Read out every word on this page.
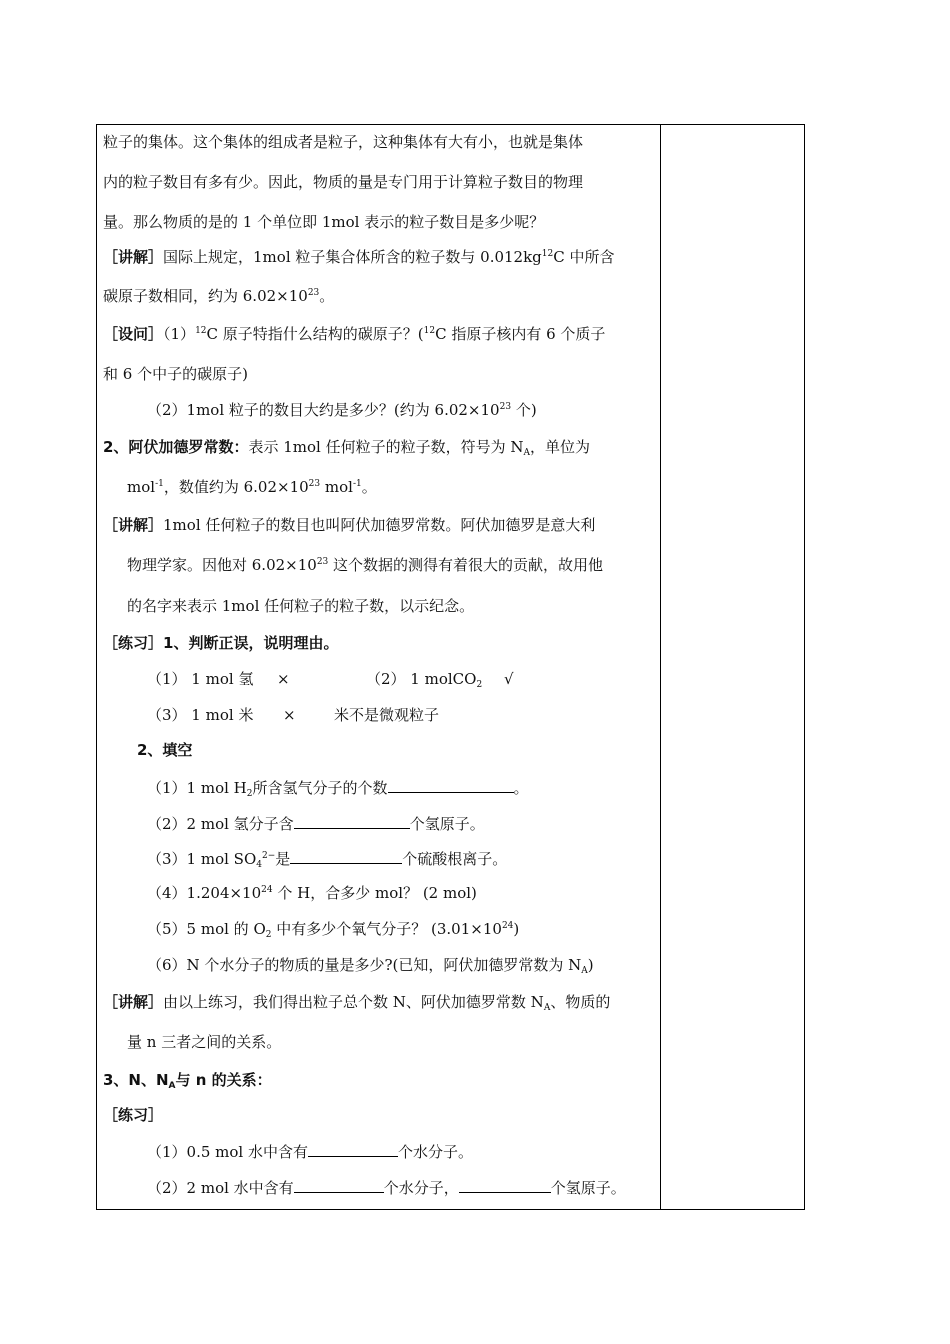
粒子的集体。这个集体的组成者是粒子，这种集体有大有小，也就是集体
内的粒子数目有多有少。因此，物质的量是专门用于计算粒子数目的物理
量。那么物质的是的 1 个单位即 1mol 表示的粒子数目是多少呢？
［讲解］国际上规定，1mol 粒子集合体所含的粒子数与 $0.012kg^{12}C$ 中所含
碳原子数相同，约为 $6.02\times 10^{23}$。
［设问$](1)^{12}C$ 原子特指什么结构的碳原子？($^{12}$C 指原子核内有 6 个质子
和 6 个中子的碳原子)
（2）1mol 粒子的数目大约是多少？(约为 $6.02\times 10^{23}$ 个)
2、阿伏加德罗常数：表示 1mol 任何粒子的粒子数，符号为 $N_A$，单位为
mol$^{-1}$，数值约为 $6.02\times 10^{23}$ mol$^{-1}$。
［讲解］1mol 任何粒子的数目也叫阿伏加德罗常数。阿伏加德罗是意大利
物理学家。因他对 $6.02\times 10^{23}$ 这个数据的测得有着很大的贡献，故用他
的名字来表示 1mol 任何粒子的粒子数，以示纪念。
［练习］1、判断正误，说明理由。
（1） 1 mol 氢 ×	（2） 1 molCO$_2$ √
（3） 1 mol 米 ×	米不是微观粒子
2、填空
（1）1 mol $H_2$所含氢气分子的个数	。
（2）2 mol 氢分子含	个氢原子。
（3）1 mol $SO_4^{2-}$是	个硫酸根离子。
$(4)1.204\times 10^{24}$ 个 H，合多少 mol？ (2 mol)
（5）5 mol 的 $O_2$ 中有多少个氧气分子？ $(3.01\times 10^{24})$
（6）N 个水分子的物质的量是多少?(已知，阿伏加德罗常数为 $N_A$)
［讲解］由以上练习，我们得出粒子总个数 N、阿伏加德罗常数 $N_A$、物质的
量 n 三者之间的关系。
3、N、$N_A$与 n 的关系：
［练习］
（1）0.5 mol 水中含有	个水分子。
（2）2 mol 水中含有	个水分子，	个氢原子。
